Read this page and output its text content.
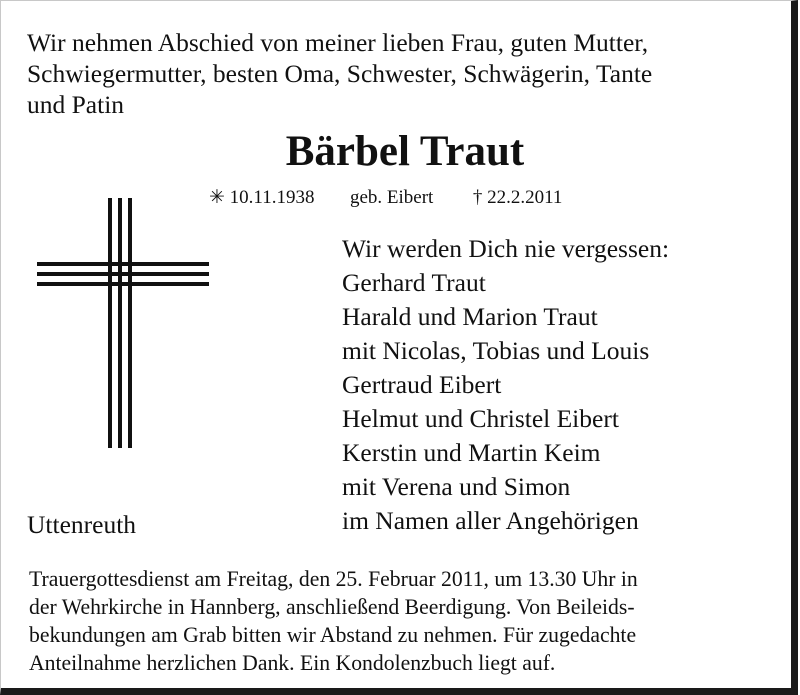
Wir nehmen Abschied von meiner lieben Frau, guten Mutter,
Schwiegermutter, besten Oma, Schwester, Schwägerin, Tante
und Patin

Bärbel Traut

✳ 10.11.1938 geb. Eibert † 22.2.2011

Wir werden Dich nie vergessen:
Gerhard Traut
Harald und Marion Traut
mit Nicolas, Tobias und Louis
Gertraud Eibert
Helmut und Christel Eibert
Kerstin und Martin Keim
mit Verena und Simon
im Namen aller Angehörigen

Uttenreuth

Trauergottesdienst am Freitag, den 25. Februar 2011, um 13.30 Uhr in
der Wehrkirche in Hannberg, anschließend Beerdigung. Von Beileids-
bekundungen am Grab bitten wir Abstand zu nehmen. Für zugedachte
Anteilnahme herzlichen Dank. Ein Kondolenzbuch liegt auf.
